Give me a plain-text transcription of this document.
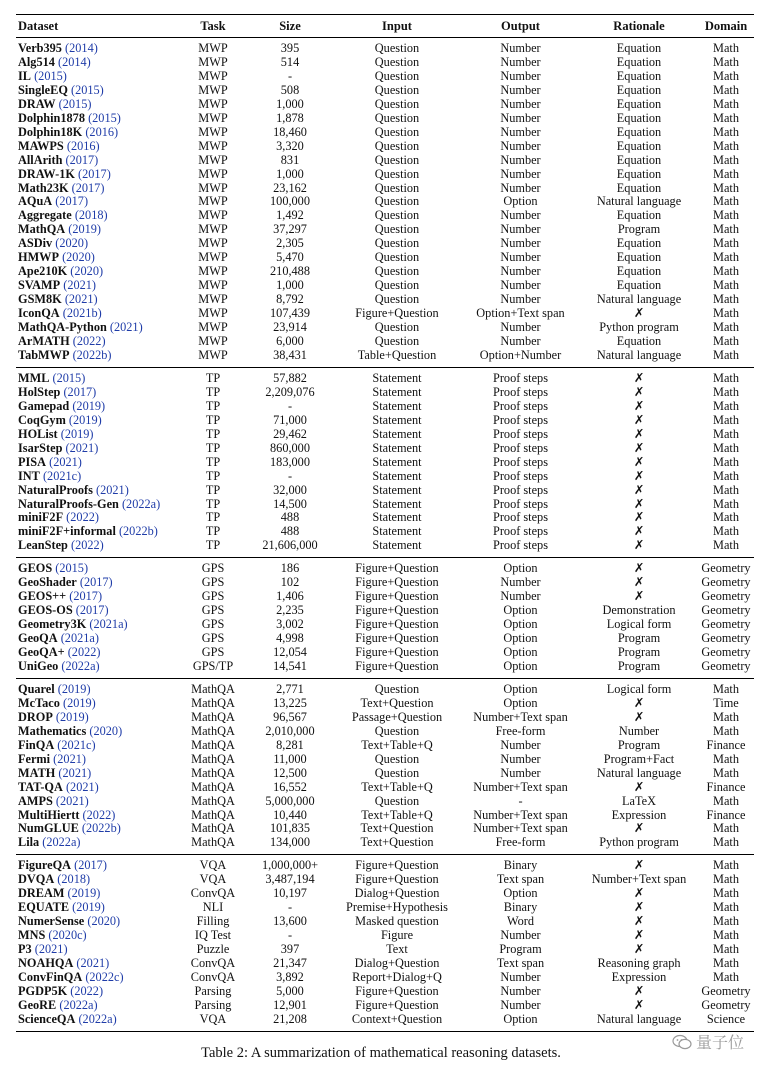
Dataset	Task	Size	Input	Output	Rationale	Domain
Verb395 (2014)	MWP	395	Question	Number	Equation	Math
Alg514 (2014)	MWP	514	Question	Number	Equation	Math
IL (2015)	MWP	-	Question	Number	Equation	Math
SingleEQ (2015)	MWP	508	Question	Number	Equation	Math
DRAW (2015)	MWP	1,000	Question	Number	Equation	Math
Dolphin1878 (2015)	MWP	1,878	Question	Number	Equation	Math
Dolphin18K (2016)	MWP	18,460	Question	Number	Equation	Math
MAWPS (2016)	MWP	3,320	Question	Number	Equation	Math
AllArith (2017)	MWP	831	Question	Number	Equation	Math
DRAW-1K (2017)	MWP	1,000	Question	Number	Equation	Math
Math23K (2017)	MWP	23,162	Question	Number	Equation	Math
AQuA (2017)	MWP	100,000	Question	Option	Natural language	Math
Aggregate (2018)	MWP	1,492	Question	Number	Equation	Math
MathQA (2019)	MWP	37,297	Question	Number	Program	Math
ASDiv (2020)	MWP	2,305	Question	Number	Equation	Math
HMWP (2020)	MWP	5,470	Question	Number	Equation	Math
Ape210K (2020)	MWP	210,488	Question	Number	Equation	Math
SVAMP (2021)	MWP	1,000	Question	Number	Equation	Math
GSM8K (2021)	MWP	8,792	Question	Number	Natural language	Math
IconQA (2021b)	MWP	107,439	Figure+Question	Option+Text span	✗	Math
MathQA-Python (2021)	MWP	23,914	Question	Number	Python program	Math
ArMATH (2022)	MWP	6,000	Question	Number	Equation	Math
TabMWP (2022b)	MWP	38,431	Table+Question	Option+Number	Natural language	Math
MML (2015)	TP	57,882	Statement	Proof steps	✗	Math
HolStep (2017)	TP	2,209,076	Statement	Proof steps	✗	Math
Gamepad (2019)	TP	-	Statement	Proof steps	✗	Math
CoqGym (2019)	TP	71,000	Statement	Proof steps	✗	Math
HOList (2019)	TP	29,462	Statement	Proof steps	✗	Math
IsarStep (2021)	TP	860,000	Statement	Proof steps	✗	Math
PISA (2021)	TP	183,000	Statement	Proof steps	✗	Math
INT (2021c)	TP	-	Statement	Proof steps	✗	Math
NaturalProofs (2021)	TP	32,000	Statement	Proof steps	✗	Math
NaturalProofs-Gen (2022a)	TP	14,500	Statement	Proof steps	✗	Math
miniF2F (2022)	TP	488	Statement	Proof steps	✗	Math
miniF2F+informal (2022b)	TP	488	Statement	Proof steps	✗	Math
LeanStep (2022)	TP	21,606,000	Statement	Proof steps	✗	Math
GEOS (2015)	GPS	186	Figure+Question	Option	✗	Geometry
GeoShader (2017)	GPS	102	Figure+Question	Number	✗	Geometry
GEOS++ (2017)	GPS	1,406	Figure+Question	Number	✗	Geometry
GEOS-OS (2017)	GPS	2,235	Figure+Question	Option	Demonstration	Geometry
Geometry3K (2021a)	GPS	3,002	Figure+Question	Option	Logical form	Geometry
GeoQA (2021a)	GPS	4,998	Figure+Question	Option	Program	Geometry
GeoQA+ (2022)	GPS	12,054	Figure+Question	Option	Program	Geometry
UniGeo (2022a)	GPS/TP	14,541	Figure+Question	Option	Program	Geometry
Quarel (2019)	MathQA	2,771	Question	Option	Logical form	Math
McTaco (2019)	MathQA	13,225	Text+Question	Option	✗	Time
DROP (2019)	MathQA	96,567	Passage+Question	Number+Text span	✗	Math
Mathematics (2020)	MathQA	2,010,000	Question	Free-form	Number	Math
FinQA (2021c)	MathQA	8,281	Text+Table+Q	Number	Program	Finance
Fermi (2021)	MathQA	11,000	Question	Number	Program+Fact	Math
MATH (2021)	MathQA	12,500	Question	Number	Natural language	Math
TAT-QA (2021)	MathQA	16,552	Text+Table+Q	Number+Text span	✗	Finance
AMPS (2021)	MathQA	5,000,000	Question	-	LaTeX	Math
MultiHiertt (2022)	MathQA	10,440	Text+Table+Q	Number+Text span	Expression	Finance
NumGLUE (2022b)	MathQA	101,835	Text+Question	Number+Text span	✗	Math
Lila (2022a)	MathQA	134,000	Text+Question	Free-form	Python program	Math
FigureQA (2017)	VQA	1,000,000+	Figure+Question	Binary	✗	Math
DVQA (2018)	VQA	3,487,194	Figure+Question	Text span	Number+Text span	Math
DREAM (2019)	ConvQA	10,197	Dialog+Question	Option	✗	Math
EQUATE (2019)	NLI	-	Premise+Hypothesis	Binary	✗	Math
NumerSense (2020)	Filling	13,600	Masked question	Word	✗	Math
MNS (2020c)	IQ Test	-	Figure	Number	✗	Math
P3 (2021)	Puzzle	397	Text	Program	✗	Math
NOAHQA (2021)	ConvQA	21,347	Dialog+Question	Text span	Reasoning graph	Math
ConvFinQA (2022c)	ConvQA	3,892	Report+Dialog+Q	Number	Expression	Math
PGDP5K (2022)	Parsing	5,000	Figure+Question	Number	✗	Geometry
GeoRE (2022a)	Parsing	12,901	Figure+Question	Number	✗	Geometry
ScienceQA (2022a)	VQA	21,208	Context+Question	Option	Natural language	Science
Table 2: A summarization of mathematical reasoning datasets.
量子位
